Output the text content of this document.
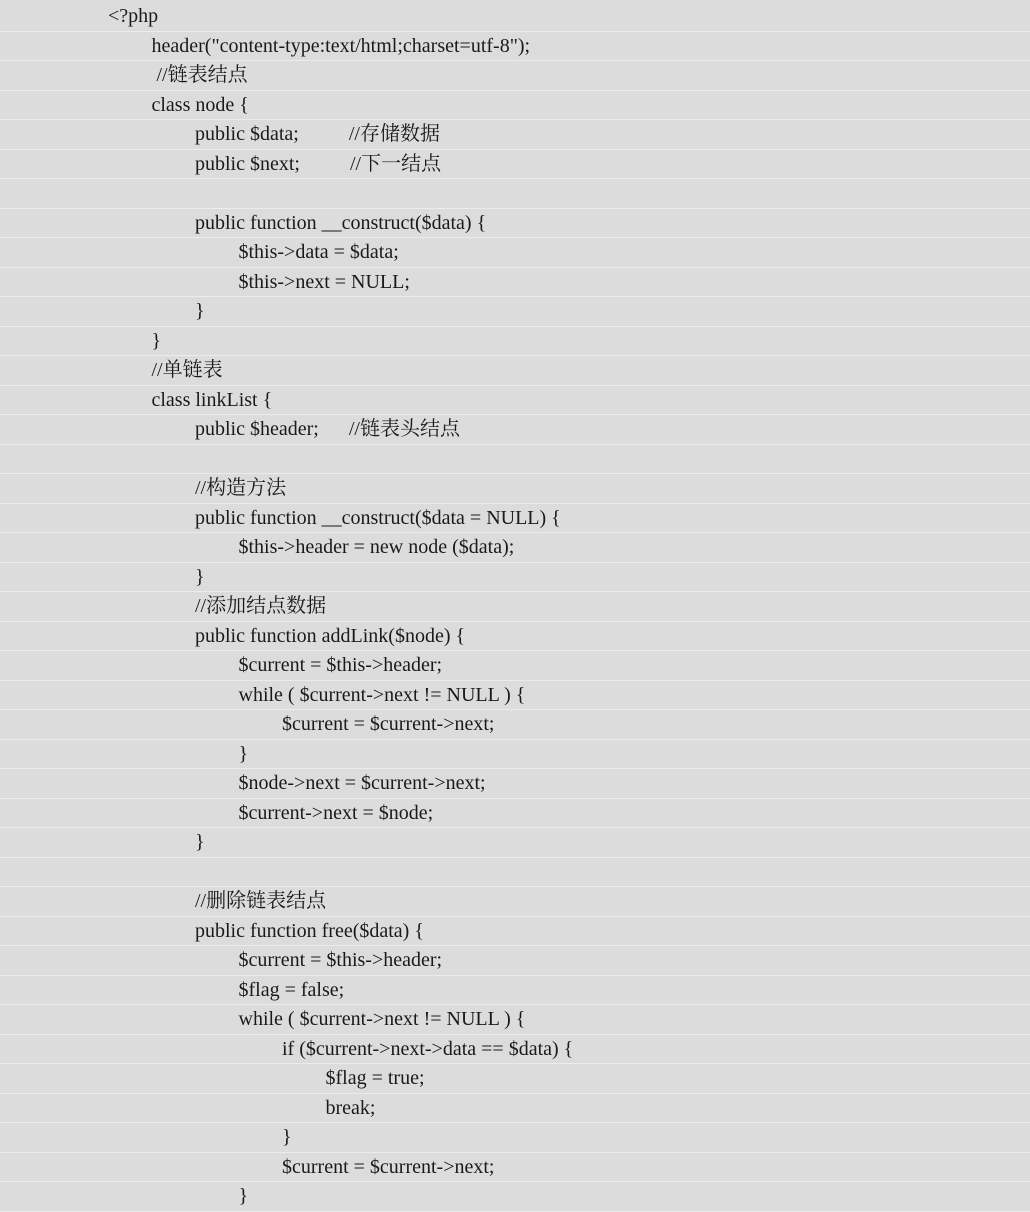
<?php
header("content-type:text/html;charset=utf-8");
//链表结点
class node {
public $data;          //存储数据
public $next;          //下一结点
public function __construct($data) {
$this->data = $data;
$this->next = NULL;
}
}
//单链表
class linkList {
public $header;      //链表头结点
//构造方法
public function __construct($data = NULL) {
$this->header = new node ($data);
}
//添加结点数据
public function addLink($node) {
$current = $this->header;
while ( $current->next != NULL ) {
$current = $current->next;
}
$node->next = $current->next;
$current->next = $node;
}
//删除链表结点
public function free($data) {
$current = $this->header;
$flag = false;
while ( $current->next != NULL ) {
if ($current->next->data == $data) {
$flag = true;
break;
}
$current = $current->next;
}
